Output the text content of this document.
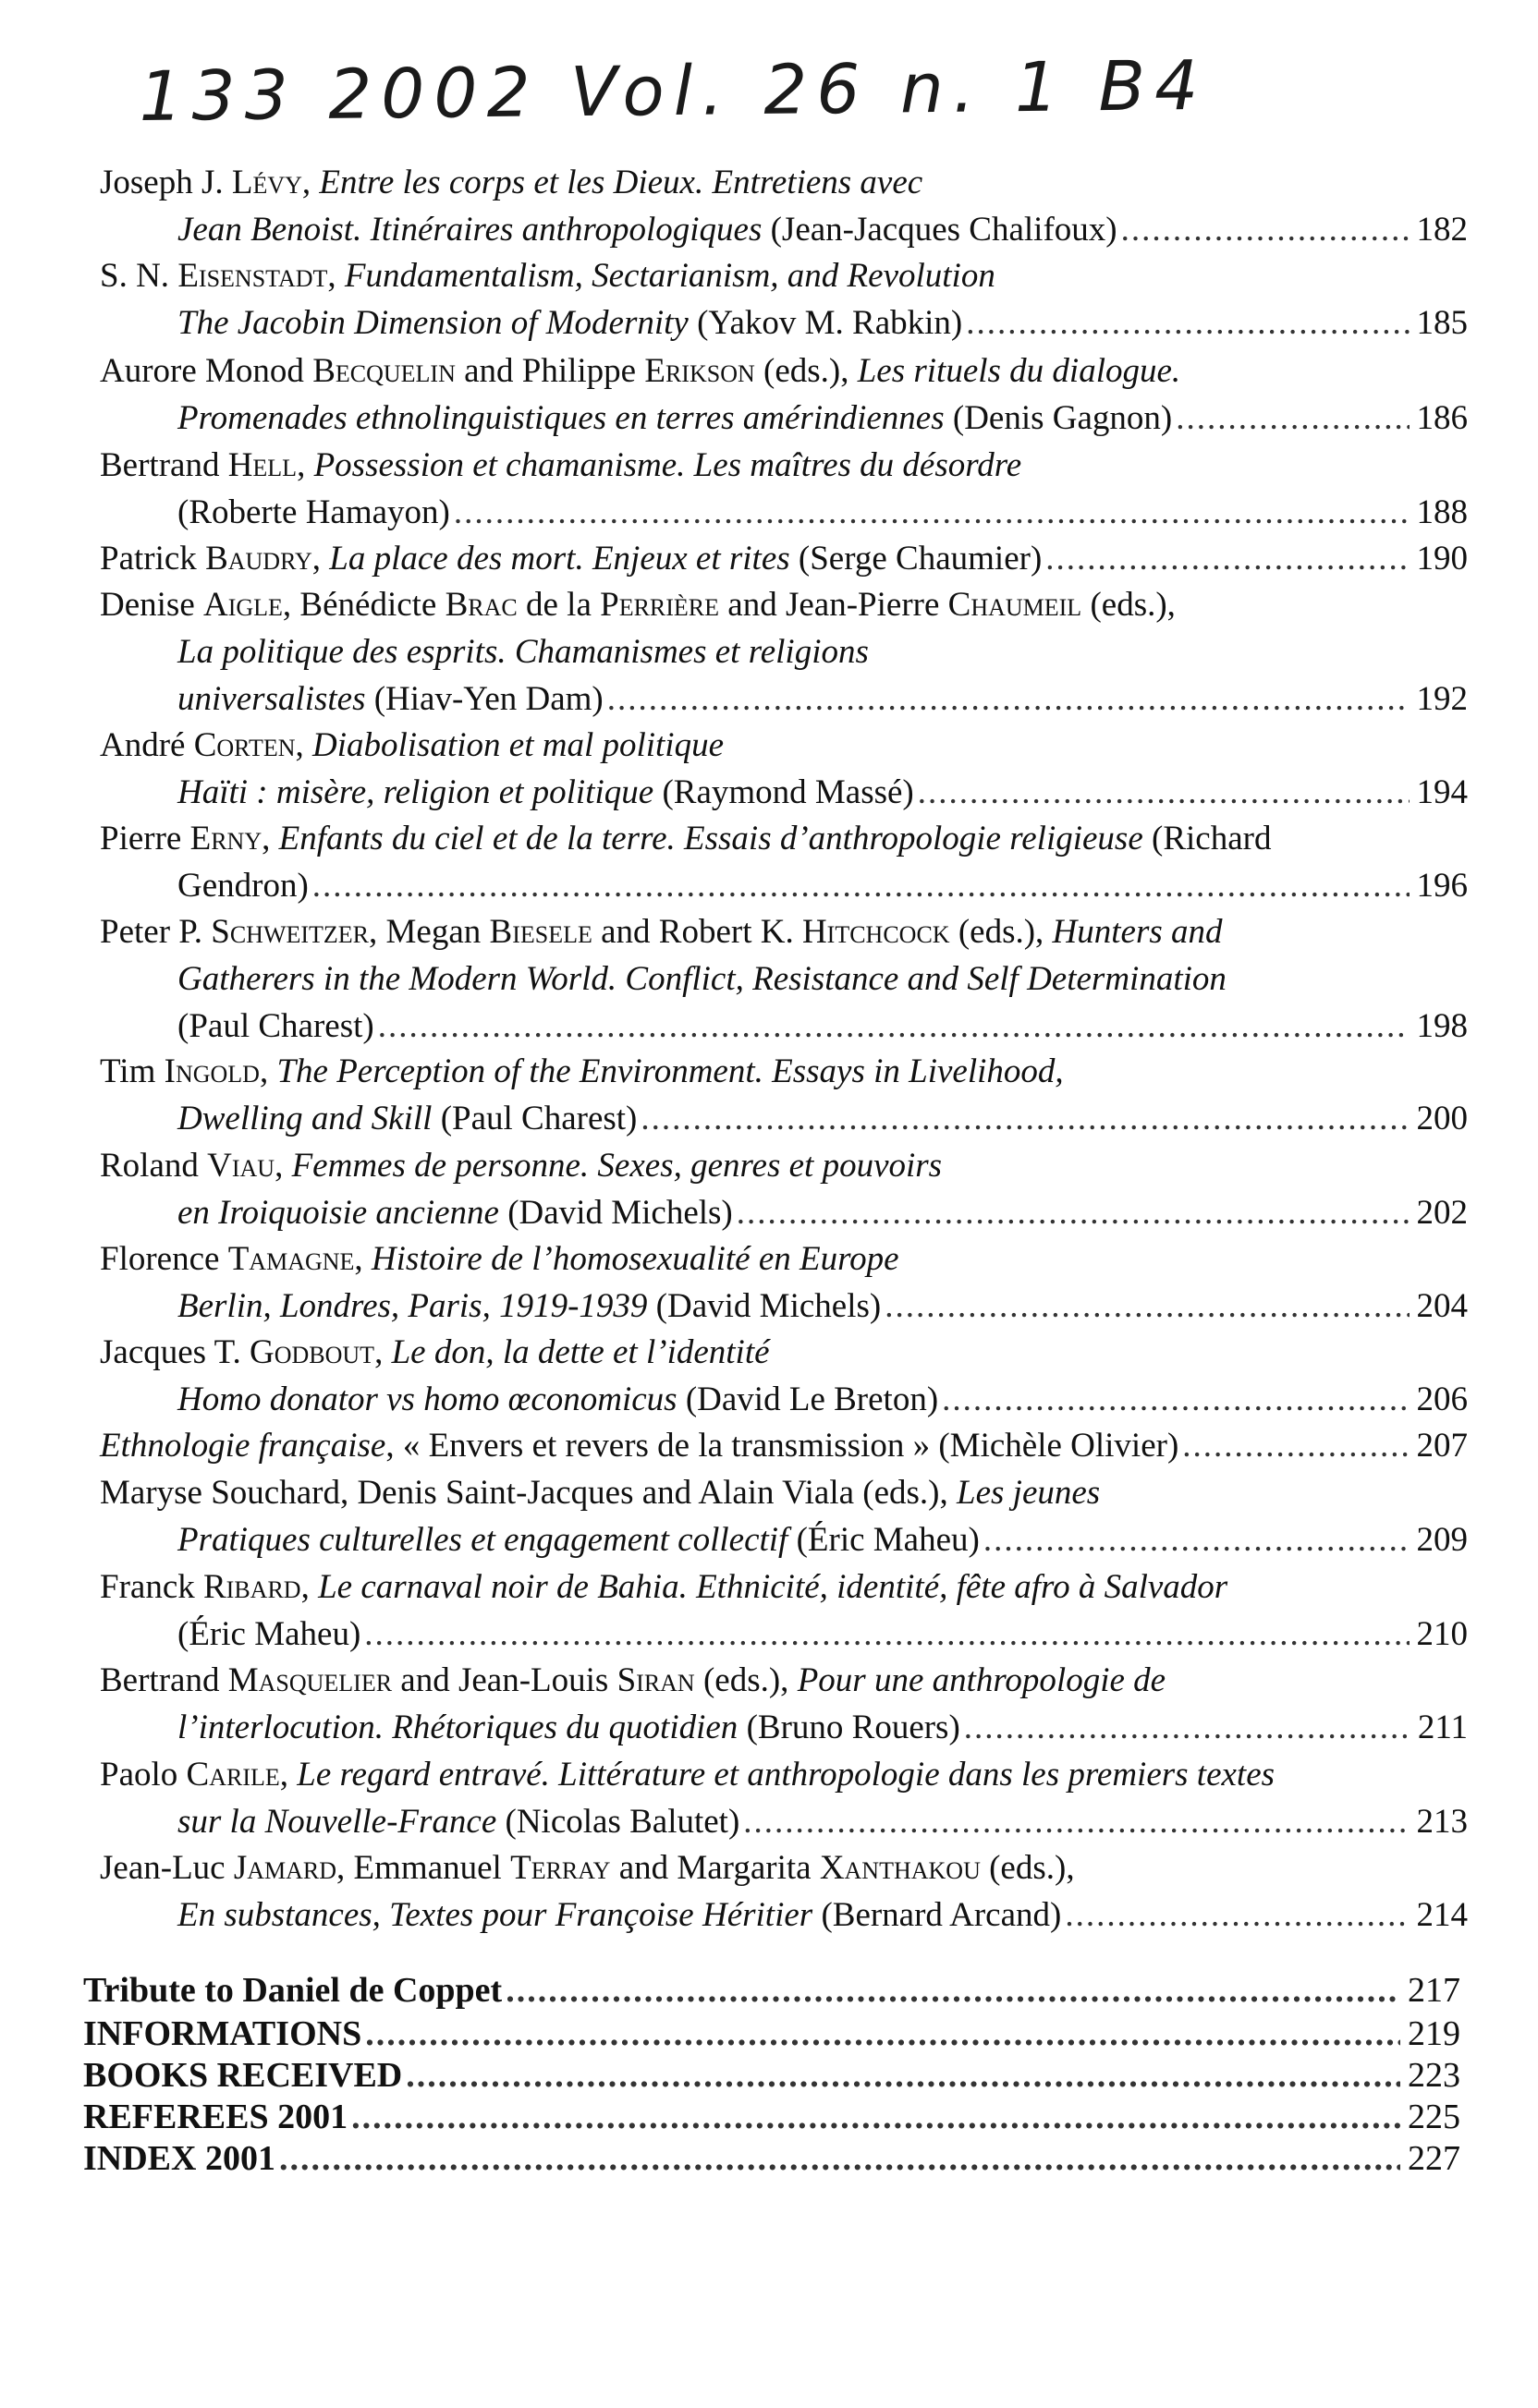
133 2002 Vol. 26 n. 1 B4
Joseph J. Lévy, Entre les corps et les Dieux. Entretiens avec
Jean Benoist. Itinéraires anthropologiques (Jean-Jacques Chalifoux) .....	182
S. N. Eisenstadt, Fundamentalism, Sectarianism, and Revolution
The Jacobin Dimension of Modernity (Yakov M. Rabkin) .....	185
Aurore Monod Becquelin and Philippe Erikson (eds.), Les rituels du dialogue.
Promenades ethnolinguistiques en terres amérindiennes (Denis Gagnon) .....	186
Bertrand Hell, Possession et chamanisme. Les maîtres du désordre
(Roberte Hamayon) .....	188
Patrick Baudry, La place des mort. Enjeux et rites (Serge Chaumier) .....	190
Denise Aigle, Bénédicte Brac de la Perrière and Jean-Pierre Chaumeil (eds.),
La politique des esprits. Chamanismes et religions
universalistes (Hiav-Yen Dam) .....	192
André Corten, Diabolisation et mal politique
Haïti : misère, religion et politique (Raymond Massé) .....	194
Pierre Erny, Enfants du ciel et de la terre. Essais d’anthropologie religieuse (Richard
Gendron) .....	196
Peter P. Schweitzer, Megan Biesele and Robert K. Hitchcock (eds.), Hunters and
Gatherers in the Modern World. Conflict, Resistance and Self Determination
(Paul Charest) .....	198
Tim Ingold, The Perception of the Environment. Essays in Livelihood,
Dwelling and Skill (Paul Charest) .....	200
Roland Viau, Femmes de personne. Sexes, genres et pouvoirs
en Iroiquoisie ancienne (David Michels) .....	202
Florence Tamagne, Histoire de l’homosexualité en Europe
Berlin, Londres, Paris, 1919-1939 (David Michels) .....	204
Jacques T. Godbout, Le don, la dette et l’identité
Homo donator vs homo œconomicus (David Le Breton) .....	206
Ethnologie française, « Envers et revers de la transmission » (Michèle Olivier) .....	207
Maryse Souchard, Denis Saint-Jacques and Alain Viala (eds.), Les jeunes
Pratiques culturelles et engagement collectif (Éric Maheu) .....	209
Franck Ribard, Le carnaval noir de Bahia. Ethnicité, identité, fête afro à Salvador
(Éric Maheu) .....	210
Bertrand Masquelier and Jean-Louis Siran (eds.), Pour une anthropologie de
l’interlocution. Rhétoriques du quotidien (Bruno Rouers) .....	211
Paolo Carile, Le regard entravé. Littérature et anthropologie dans les premiers textes
sur la Nouvelle-France (Nicolas Balutet) .....	213
Jean-Luc Jamard, Emmanuel Terray and Margarita Xanthakou (eds.),
En substances, Textes pour Françoise Héritier (Bernard Arcand) .....	214
Tribute to Daniel de Coppet .....	217
INFORMATIONS .....	219
BOOKS RECEIVED .....	223
REFEREES 2001 .....	225
INDEX 2001 .....	227
